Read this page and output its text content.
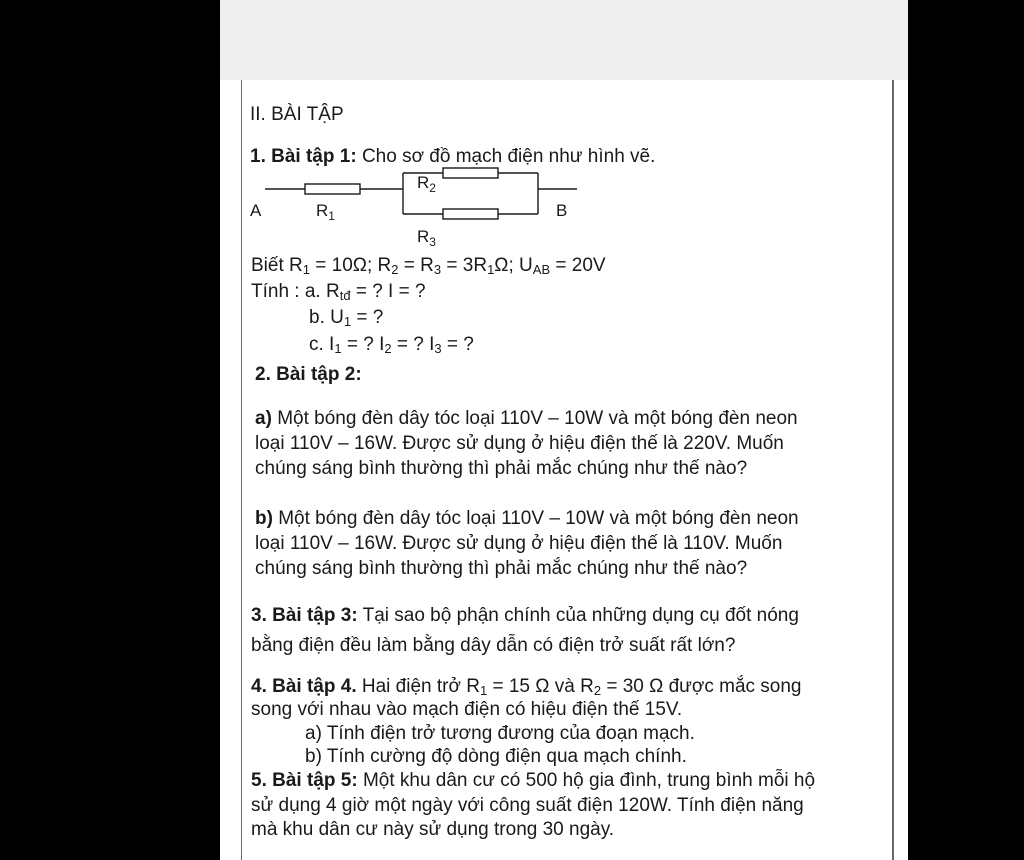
II. BÀI TẬP
1. Bài tập 1: Cho sơ đồ mạch điện như hình vẽ.
A	B
$R_1$
$R_2$
$R_3$
Biết $R_1 = 10\Omega$; $R_2 = R_3 = 3R_1\Omega$; $U_{AB} = 20V$
Tính : a. $R_{tđ}$ = ? I = ?
b. $U_1$ = ?
c. $I_1$ = ? $I_2$ = ? $I_3$ = ?
2. Bài tập 2:
a) Một bóng đèn dây tóc loại 110V – 10W và một bóng đèn neon
loại 110V – 16W. Được sử dụng ở hiệu điện thế là 220V. Muốn
chúng sáng bình thường thì phải mắc chúng như thế nào?
b) Một bóng đèn dây tóc loại 110V – 10W và một bóng đèn neon
loại 110V – 16W. Được sử dụng ở hiệu điện thế là 110V. Muốn
chúng sáng bình thường thì phải mắc chúng như thế nào?
3. Bài tập 3: Tại sao bộ phận chính của những dụng cụ đốt nóng
bằng điện đều làm bằng dây dẫn có điện trở suất rất lớn?
4. Bài tập 4. Hai điện trở $R_1 = 15$ Ω và $R_2 = 30$ Ω được mắc song
song với nhau vào mạch điện có hiệu điện thế 15V.
a) Tính điện trở tương đương của đoạn mạch.
b) Tính cường độ dòng điện qua mạch chính.
5. Bài tập 5: Một khu dân cư có 500 hộ gia đình, trung bình mỗi hộ
sử dụng 4 giờ một ngày với công suất điện 120W. Tính điện năng
mà khu dân cư này sử dụng trong 30 ngày.
